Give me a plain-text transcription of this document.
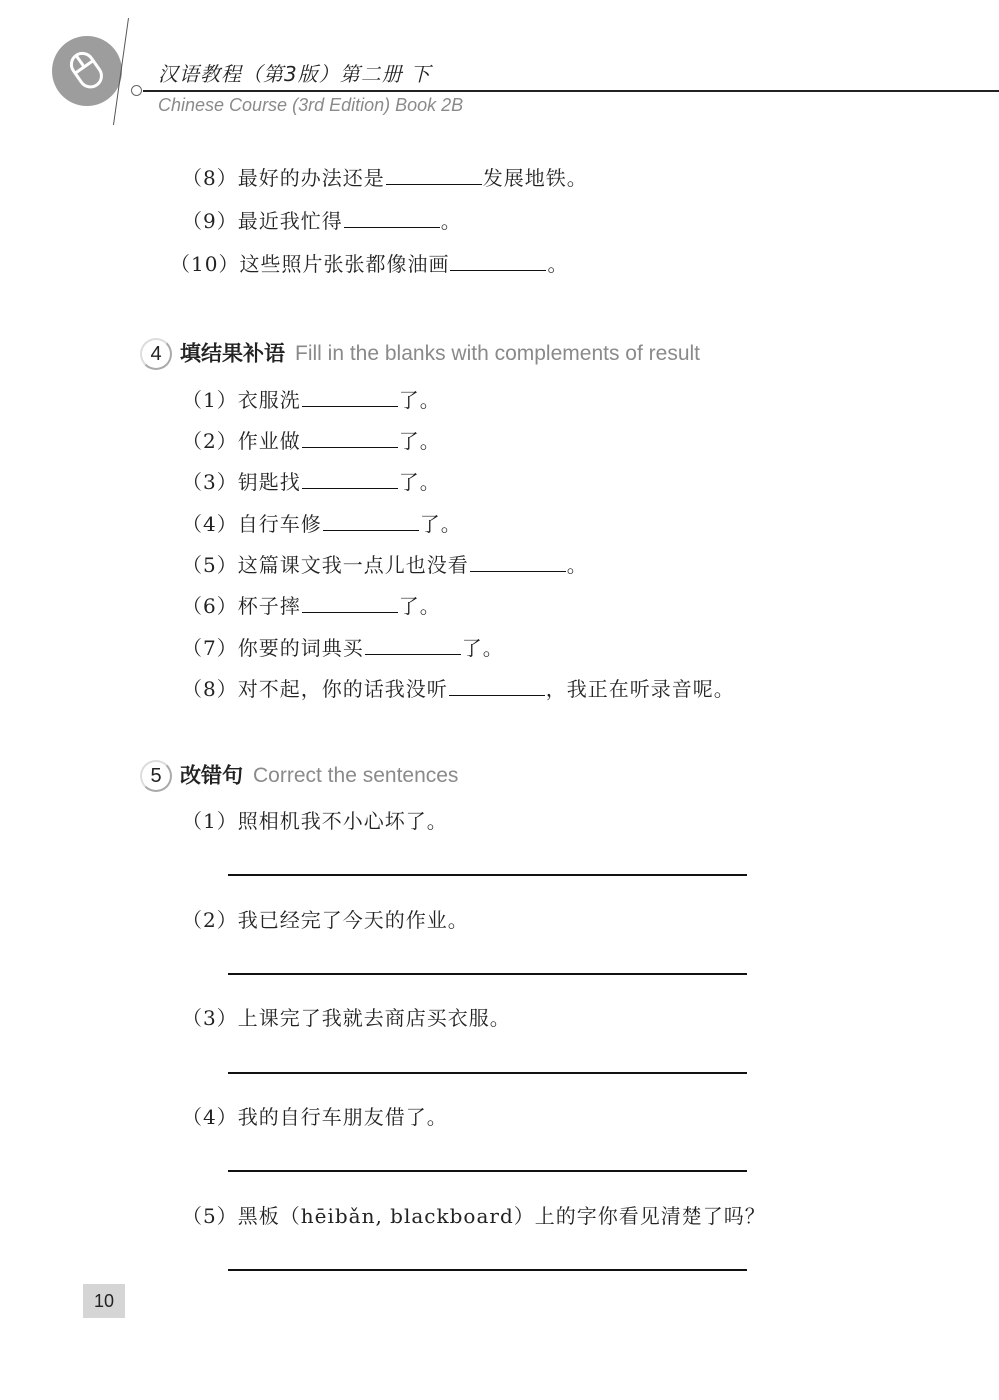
汉语教程（第3版）第二册 下
Chinese Course (3rd Edition) Book 2B
（8）最好的办法还是	发展地铁。
（9）最近我忙得	。
（10）这些照片张张都像油画	。
4 填结果补语 Fill in the blanks with complements of result
（1）衣服洗	了。
（2）作业做	了。
（3）钥匙找	了。
（4）自行车修	了。
（5）这篇课文我一点儿也没看	。
（6）杯子摔	了。
（7）你要的词典买	了。
（8）对不起，你的话我没听	，我正在听录音呢。
5 改错句 Correct the sentences
（1）照相机我不小心坏了。
（2）我已经完了今天的作业。
（3）上课完了我就去商店买衣服。
（4）我的自行车朋友借了。
（5）黑板（hēibǎn, blackboard）上的字你看见清楚了吗？
10
